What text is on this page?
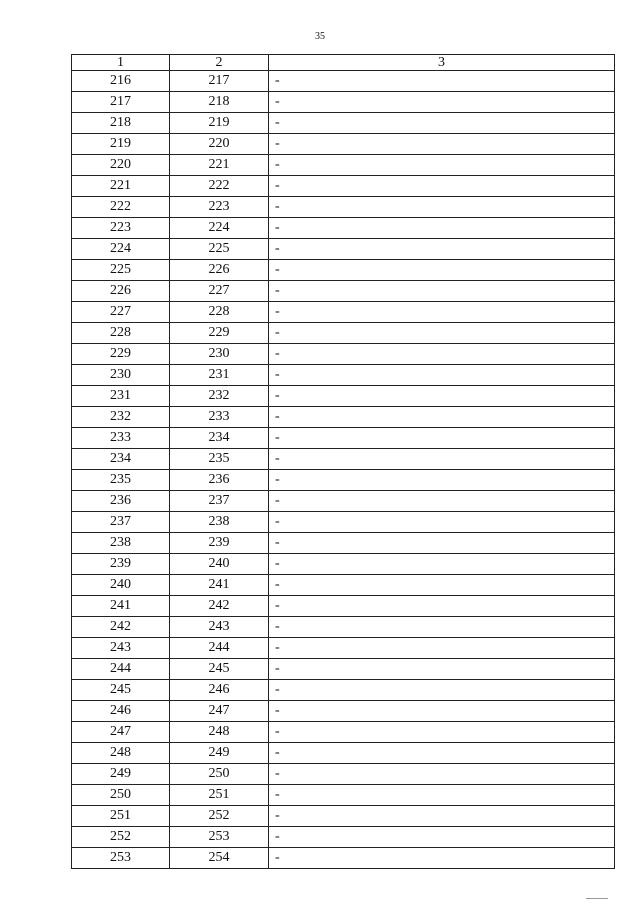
35
1	2	3
216	217	-
217	218	-
218	219	-
219	220	-
220	221	-
221	222	-
222	223	-
223	224	-
224	225	-
225	226	-
226	227	-
227	228	-
228	229	-
229	230	-
230	231	-
231	232	-
232	233	-
233	234	-
234	235	-
235	236	-
236	237	-
237	238	-
238	239	-
239	240	-
240	241	-
241	242	-
242	243	-
243	244	-
244	245	-
245	246	-
246	247	-
247	248	-
248	249	-
249	250	-
250	251	-
251	252	-
252	253	-
253	254	-
